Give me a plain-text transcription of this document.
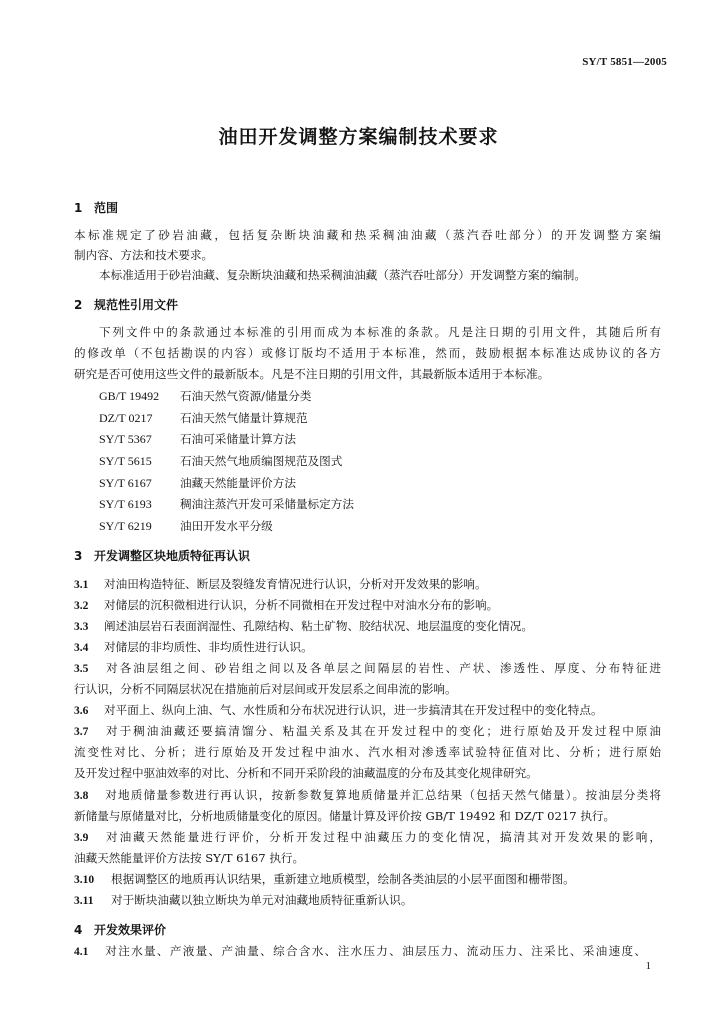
SY/T 5851—2005
油田开发调整方案编制技术要求
1 范围
本标准规定了砂岩油藏，包括复杂断块油藏和热采稠油油藏（蒸汽吞吐部分）的开发调整方案编
制内容、方法和技术要求。
本标准适用于砂岩油藏、复杂断块油藏和热采稠油油藏（蒸汽吞吐部分）开发调整方案的编制。
2 规范性引用文件
下列文件中的条款通过本标准的引用而成为本标准的条款。凡是注日期的引用文件，其随后所有
的修改单（不包括勘误的内容）或修订版均不适用于本标准，然而，鼓励根据本标准达成协议的各方
研究是否可使用这些文件的最新版本。凡是不注日期的引用文件，其最新版本适用于本标准。
GB/T 19492 石油天然气资源/储量分类
DZ/T 0217 石油天然气储量计算规范
SY/T 5367 石油可采储量计算方法
SY/T 5615 石油天然气地质编图规范及图式
SY/T 6167 油藏天然能量评价方法
SY/T 6193 稠油注蒸汽开发可采储量标定方法
SY/T 6219 油田开发水平分级
3 开发调整区块地质特征再认识
3.1 对油田构造特征、断层及裂缝发育情况进行认识，分析对开发效果的影响。
3.2 对储层的沉积微相进行认识，分析不同微相在开发过程中对油水分布的影响。
3.3 阐述油层岩石表面润湿性、孔隙结构、粘土矿物、胶结状况、地层温度的变化情况。
3.4 对储层的非均质性、非均质性进行认识。
3.5 对各油层组之间、砂岩组之间以及各单层之间隔层的岩性、产状、渗透性、厚度、分布特征进
行认识，分析不同隔层状况在措施前后对层间或开发层系之间串流的影响。
3.6 对平面上、纵向上油、气、水性质和分布状况进行认识，进一步搞清其在开发过程中的变化特点。
3.7 对于稠油油藏还要搞清馏分、粘温关系及其在开发过程中的变化；进行原始及开发过程中原油
流变性对比、分析；进行原始及开发过程中油水、汽水相对渗透率试验特征值对比、分析；进行原始
及开发过程中驱油效率的对比、分析和不同开采阶段的油藏温度的分布及其变化规律研究。
3.8 对地质储量参数进行再认识，按新参数复算地质储量并汇总结果（包括天然气储量）。按油层分类将
新储量与原储量对比，分析地质储量变化的原因。储量计算及评价按 GB/T 19492 和 DZ/T 0217 执行。
3.9 对油藏天然能量进行评价，分析开发过程中油藏压力的变化情况，搞清其对开发效果的影响，
油藏天然能量评价方法按 SY/T 6167 执行。
3.10 根据调整区的地质再认识结果，重新建立地质模型，绘制各类油层的小层平面图和栅带图。
3.11 对于断块油藏以独立断块为单元对油藏地质特征重新认识。
4 开发效果评价
4.1 对注水量、产液量、产油量、综合含水、注水压力、油层压力、流动压力、注采比、采油速度、
1
